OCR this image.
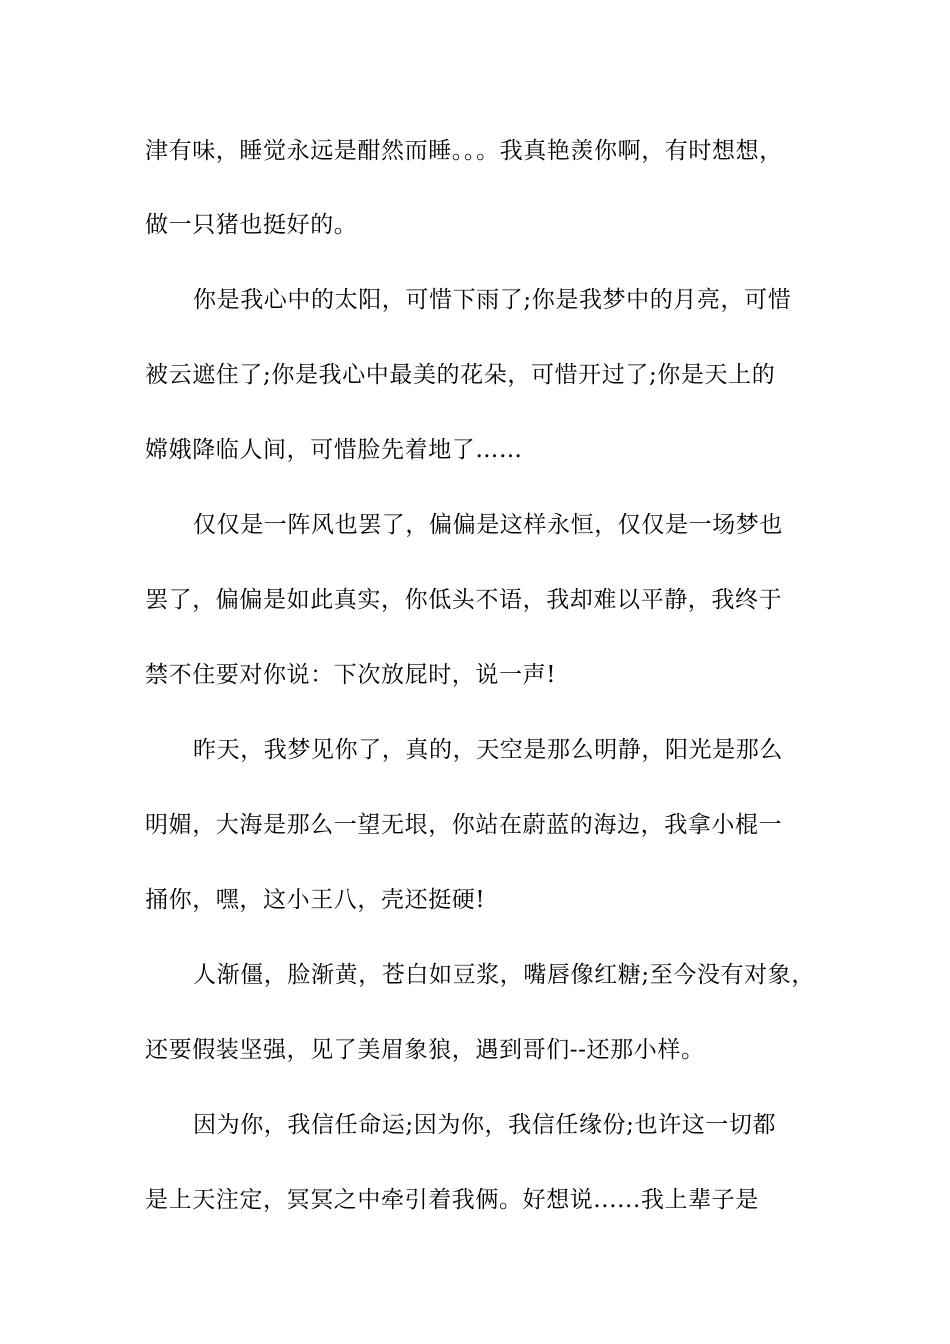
津有味，睡觉永远是酣然而睡。。。我真艳羡你啊，有时想想，
做一只猪也挺好的。
你是我心中的太阳，可惜下雨了;你是我梦中的月亮，可惜
被云遮住了;你是我心中最美的花朵，可惜开过了;你是天上的
嫦娥降临人间，可惜脸先着地了……
仅仅是一阵风也罢了，偏偏是这样永恒，仅仅是一场梦也
罢了，偏偏是如此真实，你低头不语，我却难以平静，我终于
禁不住要对你说：下次放屁时，说一声!
昨天，我梦见你了，真的，天空是那么明静，阳光是那么
明媚，大海是那么一望无垠，你站在蔚蓝的海边，我拿小棍一
捅你，嘿，这小王八，壳还挺硬!
人渐僵，脸渐黄，苍白如豆浆，嘴唇像红糖;至今没有对象，
还要假装坚强，见了美眉象狼，遇到哥们--还那小样。
因为你，我信任命运;因为你，我信任缘份;也许这一切都
是上天注定，冥冥之中牵引着我俩。好想说......我上辈子是
